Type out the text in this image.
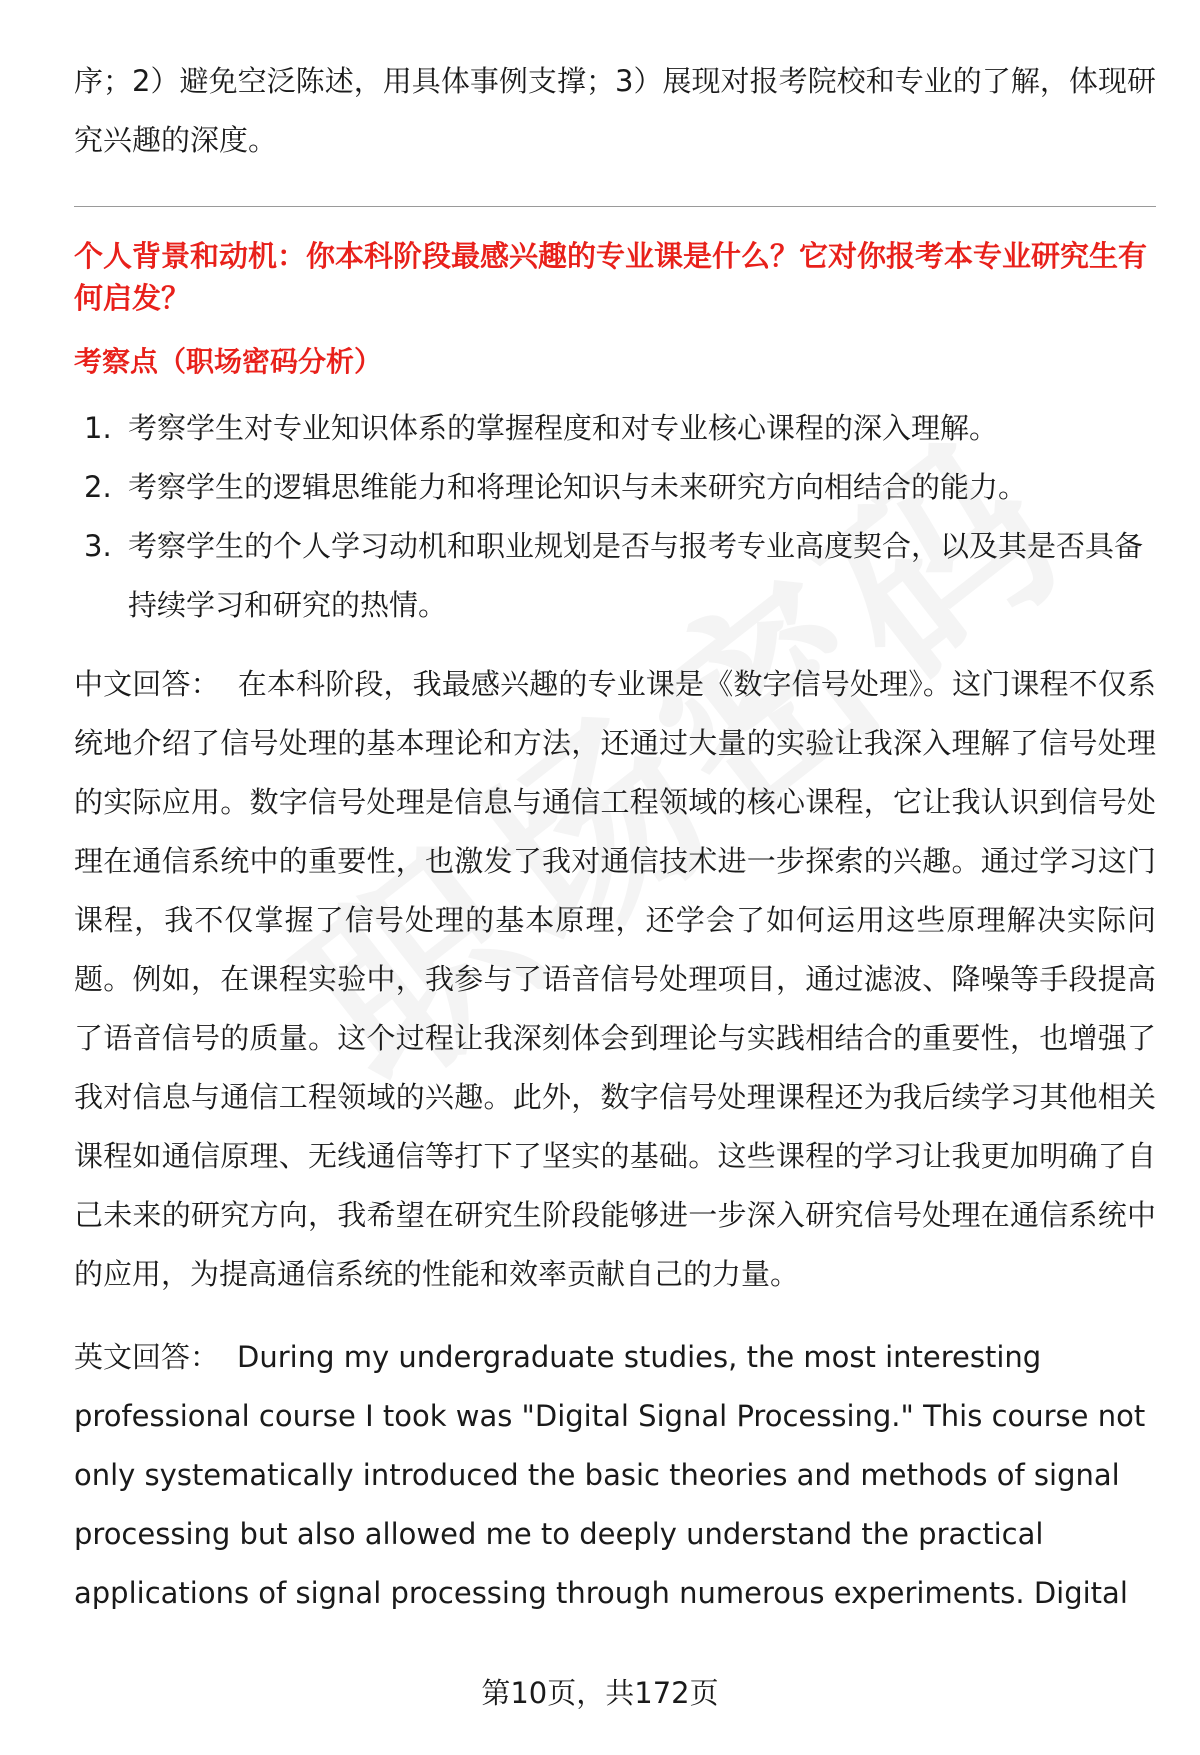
序；2）避免空泛陈述，用具体事例支撑；3）展现对报考院校和专业的了解，体现研究兴趣的深度。

个人背景和动机：你本科阶段最感兴趣的专业课是什么？它对你报考本专业研究生有何启发？

考察点（职场密码分析）

1. 考察学生对专业知识体系的掌握程度和对专业核心课程的深入理解。
2. 考察学生的逻辑思维能力和将理论知识与未来研究方向相结合的能力。
3. 考察学生的个人学习动机和职业规划是否与报考专业高度契合，以及其是否具备持续学习和研究的热情。
中文回答： 在本科阶段，我最感兴趣的专业课是《数字信号处理》。这门课程不仅系统地介绍了信号处理的基本理论和方法，还通过大量的实验让我深入理解了信号处理的实际应用。数字信号处理是信息与通信工程领域的核心课程，它让我认识到信号处理在通信系统中的重要性，也激发了我对通信技术进一步探索的兴趣。通过学习这门课程，我不仅掌握了信号处理的基本原理，还学会了如何运用这些原理解决实际问题。例如，在课程实验中，我参与了语音信号处理项目，通过滤波、降噪等手段提高了语音信号的质量。这个过程让我深刻体会到理论与实践相结合的重要性，也增强了我对信息与通信工程领域的兴趣。此外，数字信号处理课程还为我后续学习其他相关课程如通信原理、无线通信等打下了坚实的基础。这些课程的学习让我更加明确了自己未来的研究方向，我希望在研究生阶段能够进一步深入研究信号处理在通信系统中的应用，为提高通信系统的性能和效率贡献自己的力量。
英文回答： During my undergraduate studies, the most interesting professional course I took was "Digital Signal Processing." This course not only systematically introduced the basic theories and methods of signal processing but also allowed me to deeply understand the practical applications of signal processing through numerous experiments. Digital
第10页，共172页
